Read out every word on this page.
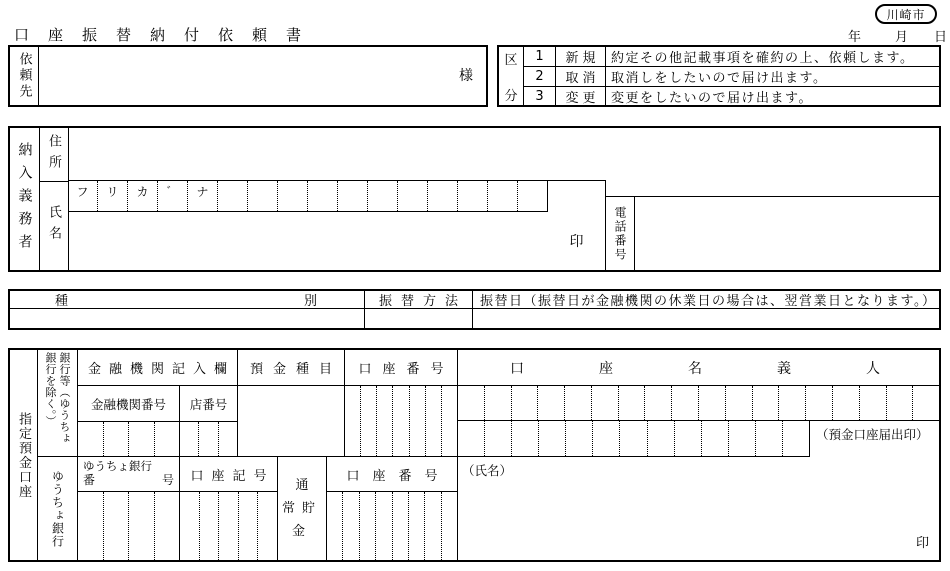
口座振替納付依頼書
川崎市
年	月 日
依頼先	様
区
分
1	新規 約定その他記載事項を確約の上、依頼します。
2	取消 取消しをしたいので届け出ます。
3	変更 変更をしたいので届け出ます。
納入義務者 住所
氏名
フ	リ	カ	゛	ナ
印	電話番号
種	別	振替方法	振替日（振替日が金融機関の休業日の場合は、翌営業日となります。）
指定預金口座
銀行を除く。） 銀行等（ゆうちょ
ゆうちょ銀行
金融機関記入欄	預金種目	口座番号	口	座	名	義	人
金融機関番号	店番号
（預金口座届出印）
ゆうちょ銀行
番	号	口座記号
通常貯金
口座番号 （氏名）
印
